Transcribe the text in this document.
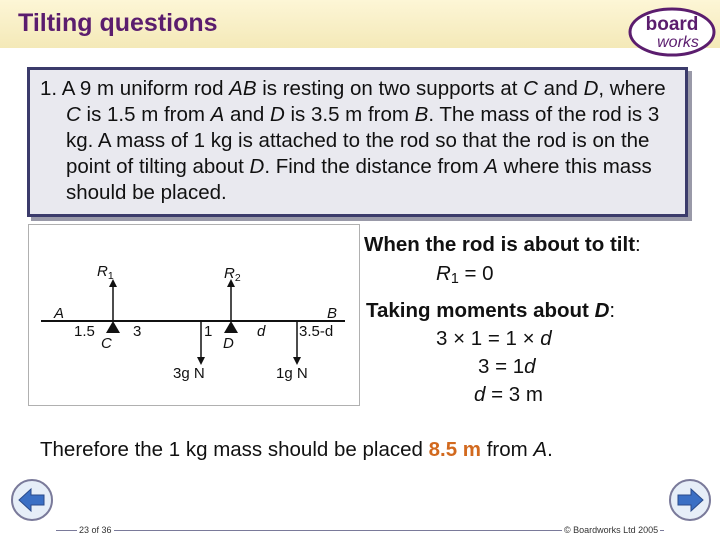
Tilting questions	board
works

1. A 9 m uniform rod AB is resting on two supports at C and D, where C is 1.5 m from A and D is 3.5 m from B. The mass of the rod is 3 kg. A mass of 1 kg is attached to the rod so that the rod is on the point of tilting about D. Find the distance from A where this mass should be placed.

$R_1$	$R_2$
A	B
1.5
C
3	1
D
d 3.5-d
3g N	1g N
When the rod is about to tilt:
$R_1 = 0$
Taking moments about D:
3 × 1 = 1 × d
3 = 1d
d = 3 m
Therefore the 1 kg mass should be placed 8.5 m from A.
23 of 36	© Boardworks Ltd 2005
